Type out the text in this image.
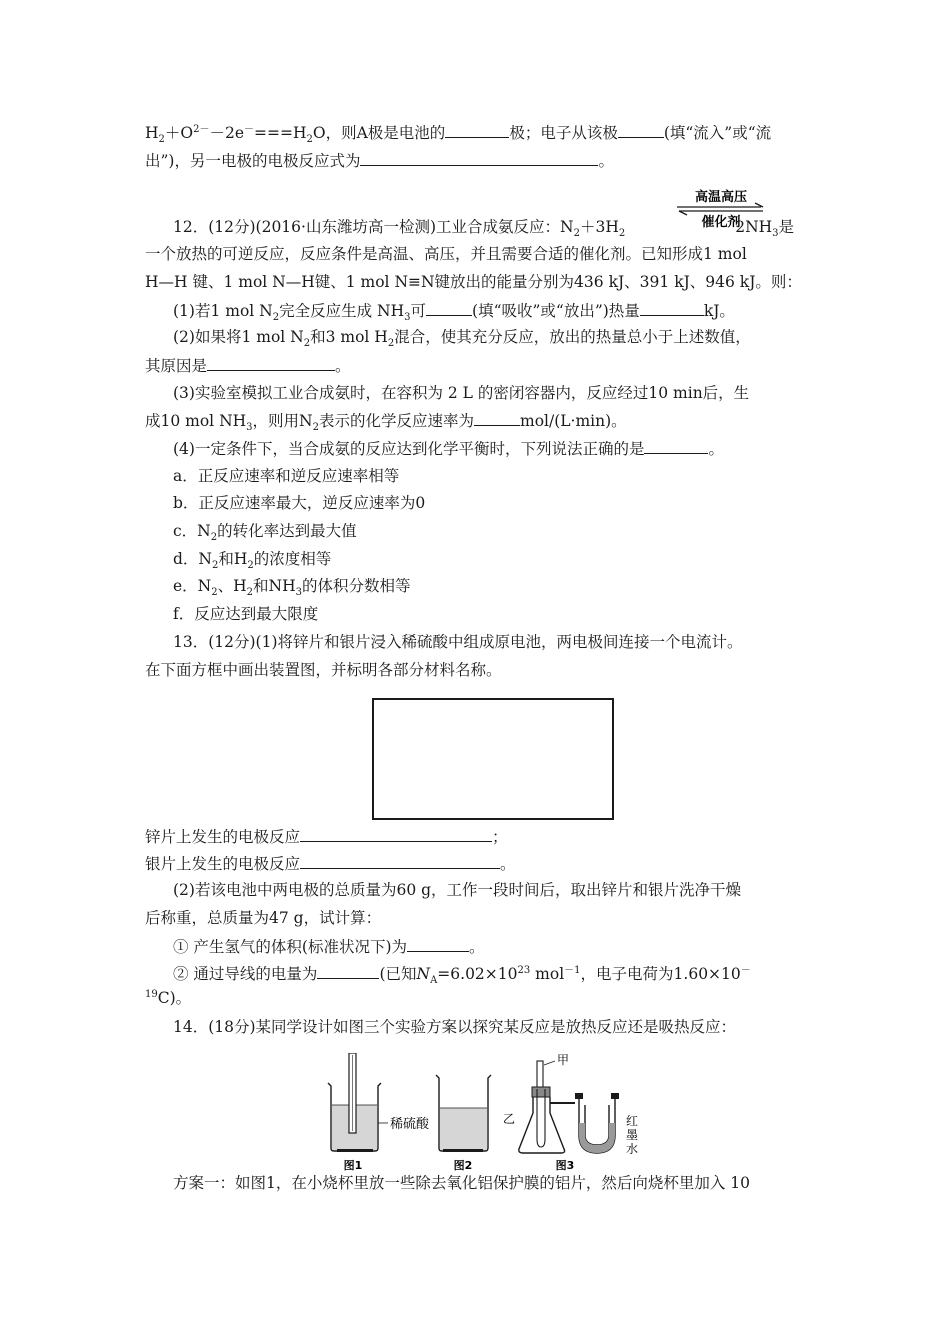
$H_2+O^{2-}-2e^-===H_2O$，则A极是电池的	极；电子从该极	(填“流入”或“流
出”)，另一电极的电极反应式为	。
高温高压
催化剂
12．(12分)(2016·山东潍坊高一检测)工业合成氨反应：$N_2+3H_2$	$2NH_3$是
一个放热的可逆反应，反应条件是高温、高压，并且需要合适的催化剂。已知形成1 mol
H—H 键、1 mol N—H键、1 mol N≡N键放出的能量分别为436 kJ、391 kJ、946 kJ。则：
(1)若1 mol $N_2$完全反应生成 $NH_3$可	(填“吸收”或“放出”)热量	kJ。
(2)如果将1 mol $N_2$和3 mol $H_2$混合，使其充分反应，放出的热量总小于上述数值，
其原因是	。
(3)实验室模拟工业合成氨时，在容积为 2 L 的密闭容器内，反应经过10 min后，生
成10 mol $NH_3$，则用$N_2$表示的化学反应速率为	mol/(L·min)。
(4)一定条件下，当合成氨的反应达到化学平衡时，下列说法正确的是	。
a．正反应速率和逆反应速率相等
b．正反应速率最大，逆反应速率为0
c．$N_2$的转化率达到最大值
d．$N_2$和$H_2$的浓度相等
e．$N_2$、$H_2$和$NH_3$的体积分数相等
f．反应达到最大限度
13．(12分)(1)将锌片和银片浸入稀硫酸中组成原电池，两电极间连接一个电流计。
在下面方框中画出装置图，并标明各部分材料名称。
锌片上发生的电极反应	；
银片上发生的电极反应	。
(2)若该电池中两电极的总质量为60 g，工作一段时间后，取出锌片和银片洗净干燥
后称重，总质量为47 g，试计算：
① 产生氢气的体积(标准状况下)为	。
② 通过导线的电量为	(已知$N_A=6.02\times 10^{23}$ mol$^{-1}$，电子电荷为1.60×10－
$^{19}$C)。
14．(18分)某同学设计如图三个实验方案以探究某反应是放热反应还是吸热反应：
稀硫酸
甲
乙	红
墨
水
图1	图2	图3
方案一：如图1，在小烧杯里放一些除去氧化铝保护膜的铝片，然后向烧杯里加入 10
